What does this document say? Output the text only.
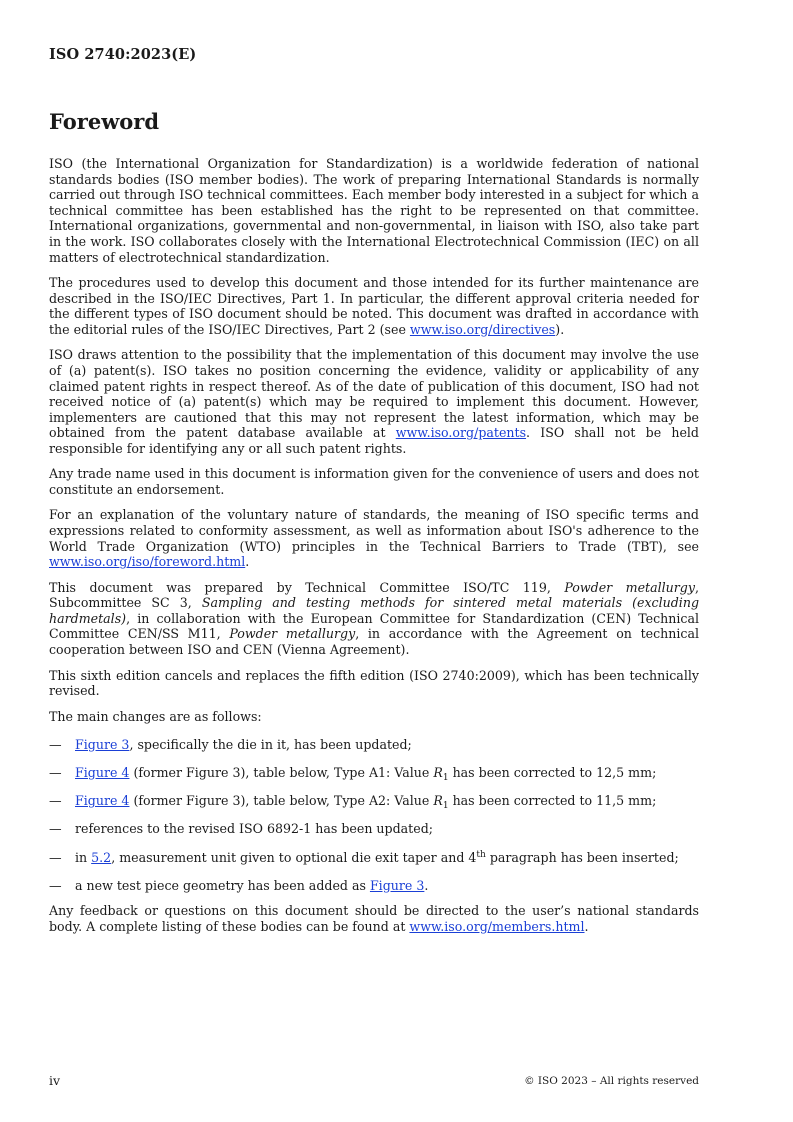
ISO 2740:2023(E)
Foreword

ISO (the International Organization for Standardization) is a worldwide federation of national standards bodies (ISO member bodies). The work of preparing International Standards is normally carried out through ISO technical committees. Each member body interested in a subject for which a technical committee has been established has the right to be represented on that committee. International organizations, governmental and non-governmental, in liaison with ISO, also take part in the work. ISO collaborates closely with the International Electrotechnical Commission (IEC) on all matters of electrotechnical standardization.

The procedures used to develop this document and those intended for its further maintenance are described in the ISO/IEC Directives, Part 1. In particular, the different approval criteria needed for the different types of ISO document should be noted. This document was drafted in accordance with the editorial rules of the ISO/IEC Directives, Part 2 (see www.iso.org/directives).

ISO draws attention to the possibility that the implementation of this document may involve the use of (a) patent(s). ISO takes no position concerning the evidence, validity or applicability of any claimed patent rights in respect thereof. As of the date of publication of this document, ISO had not received notice of (a) patent(s) which may be required to implement this document. However, implementers are cautioned that this may not represent the latest information, which may be obtained from the patent database available at www.iso.org/patents. ISO shall not be held responsible for identifying any or all such patent rights.

Any trade name used in this document is information given for the convenience of users and does not constitute an endorsement.

For an explanation of the voluntary nature of standards, the meaning of ISO specific terms and expressions related to conformity assessment, as well as information about ISO's adherence to the World Trade Organization (WTO) principles in the Technical Barriers to Trade (TBT), see www.iso.org/iso/foreword.html.

This document was prepared by Technical Committee ISO/TC 119, Powder metallurgy, Subcommittee SC 3, Sampling and testing methods for sintered metal materials (excluding hardmetals), in collaboration with the European Committee for Standardization (CEN) Technical Committee CEN/SS M11, Powder metallurgy, in accordance with the Agreement on technical cooperation between ISO and CEN (Vienna Agreement).

This sixth edition cancels and replaces the fifth edition (ISO 2740:2009), which has been technically revised.

The main changes are as follows:

—	Figure 3, specifically the die in it, has been updated;
—	Figure 4 (former Figure 3), table below, Type A1: Value $R_1$ has been corrected to 12,5 mm;
—	Figure 4 (former Figure 3), table below, Type A2: Value $R_1$ has been corrected to 11,5 mm;
—	references to the revised ISO 6892-1 has been updated;
—	in 5.2, measurement unit given to optional die exit taper and 4th paragraph has been inserted;
—	a new test piece geometry has been added as Figure 3.

Any feedback or questions on this document should be directed to the user’s national standards body. A complete listing of these bodies can be found at www.iso.org/members.html.

iv	© ISO 2023 – All rights reserved
